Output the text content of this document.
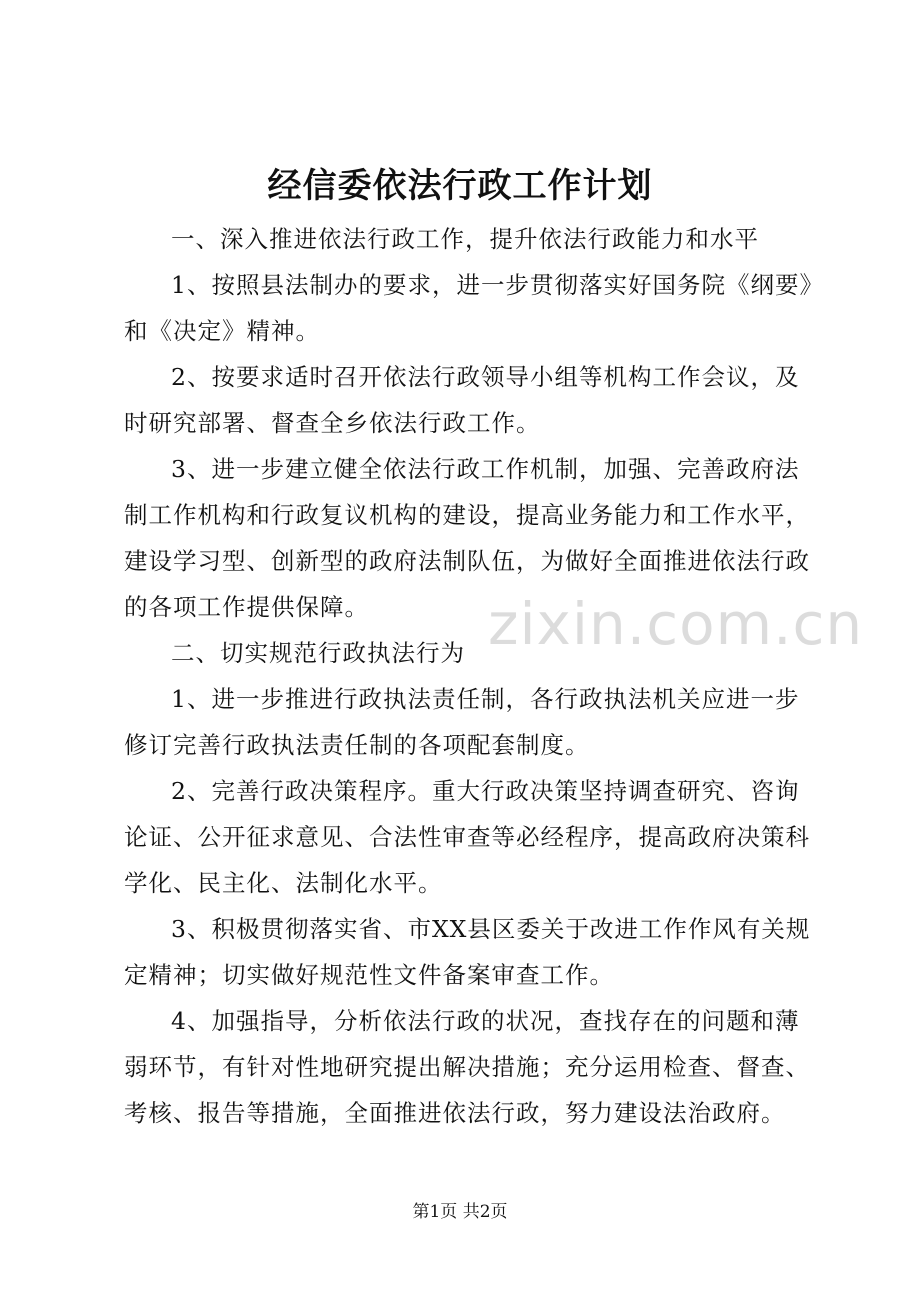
经信委依法行政工作计划

一、深入推进依法行政工作，提升依法行政能力和水平

1、按照县法制办的要求，进一步贯彻落实好国务院《纲要》和《决定》精神。

2、按要求适时召开依法行政领导小组等机构工作会议，及时研究部署、督查全乡依法行政工作。

3、进一步建立健全依法行政工作机制，加强、完善政府法制工作机构和行政复议机构的建设，提高业务能力和工作水平，建设学习型、创新型的政府法制队伍，为做好全面推进依法行政的各项工作提供保障。

二、切实规范行政执法行为

1、进一步推进行政执法责任制，各行政执法机关应进一步修订完善行政执法责任制的各项配套制度。

2、完善行政决策程序。重大行政决策坚持调查研究、咨询论证、公开征求意见、合法性审查等必经程序，提高政府决策科学化、民主化、法制化水平。

3、积极贯彻落实省、市XX县区委关于改进工作作风有关规定精神；切实做好规范性文件备案审查工作。

4、加强指导，分析依法行政的状况，查找存在的问题和薄弱环节，有针对性地研究提出解决措施；充分运用检查、督查、考核、报告等措施，全面推进依法行政，努力建设法治政府。

zixin.com.cn
第1页 共2页
